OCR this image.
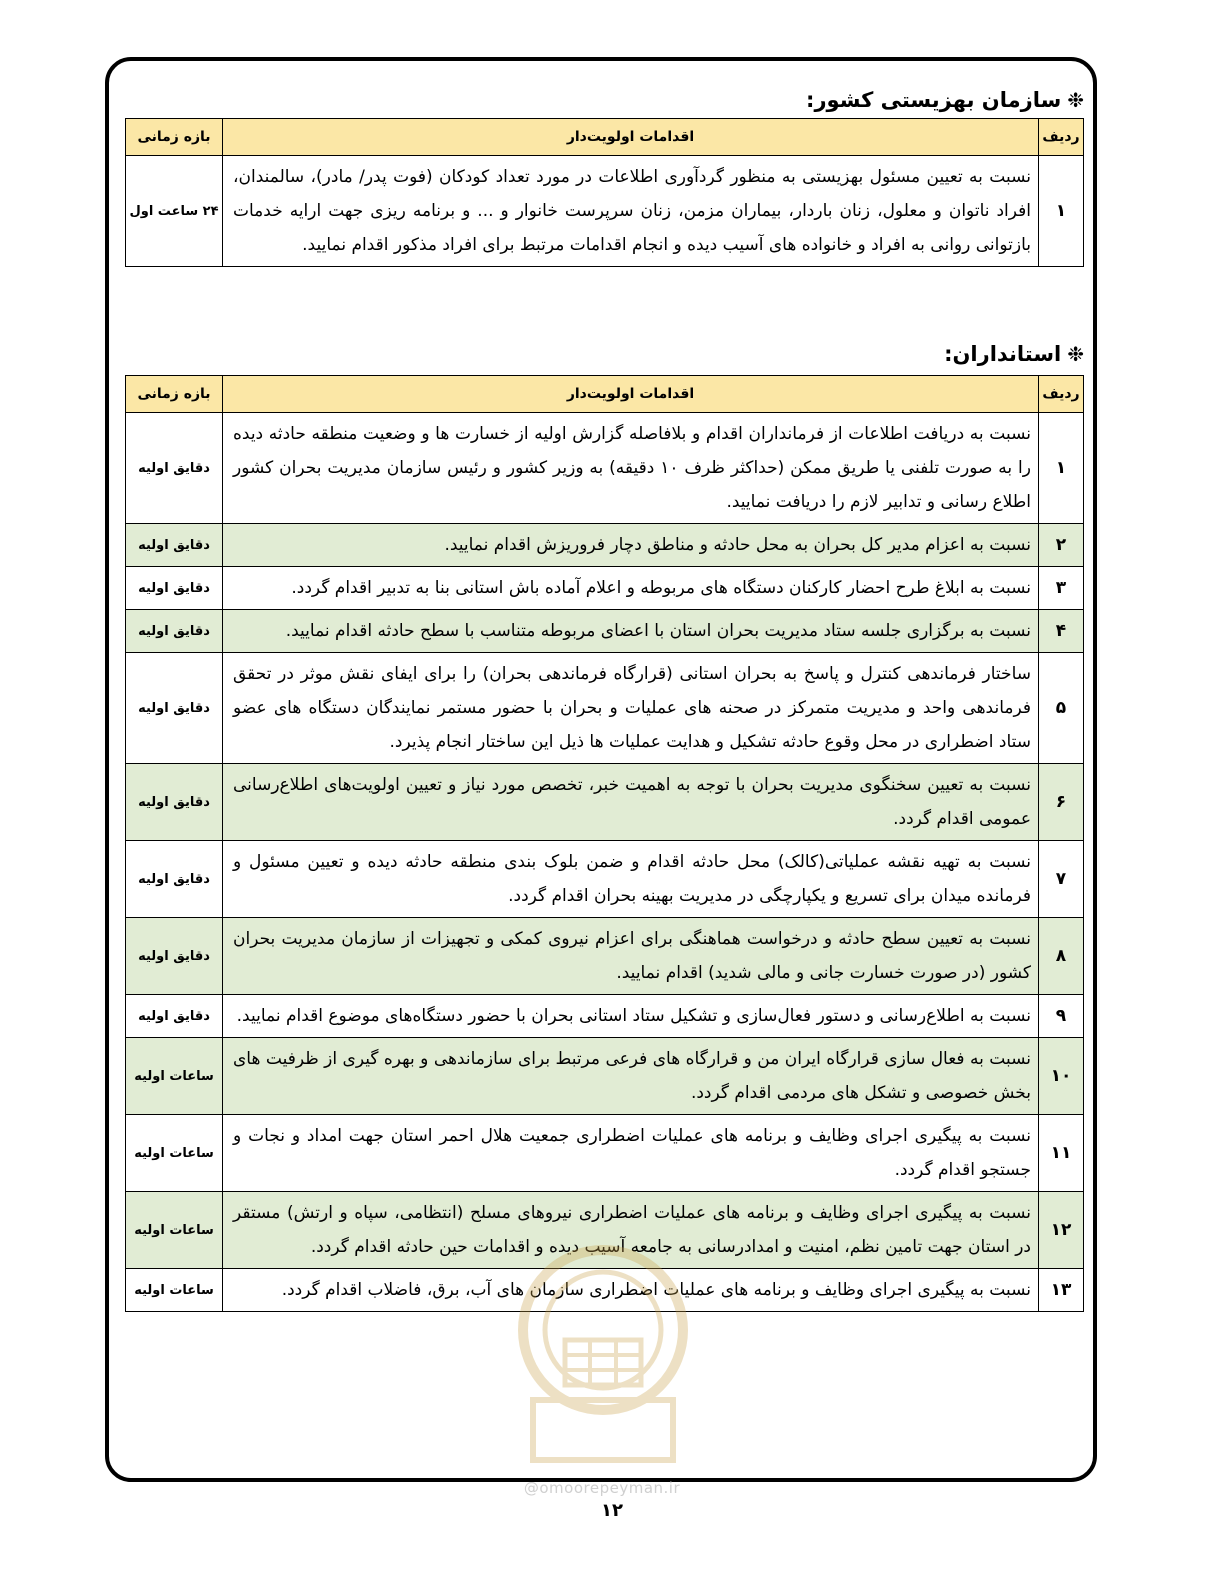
❉سازمان بهزیستی کشور:
ردیف	اقدامات اولویت‌دار	بازه زمانی
۱	نسبت به تعیین مسئول بهزیستی به منظور گردآوری اطلاعات در مورد تعداد کودکان (فوت پدر/ مادر)، سالمندان، افراد ناتوان و معلول، زنان باردار، بیماران مزمن، زنان سرپرست خانوار و ... و برنامه ریزی جهت ارایه خدمات بازتوانی روانی به افراد و خانواده های آسیب دیده و انجام اقدامات مرتبط برای افراد مذکور اقدام نمایید.	۲۴ ساعت اول
❉استانداران:
ردیف	اقدامات اولویت‌دار	بازه زمانی
۱	نسبت به دریافت اطلاعات از فرمانداران اقدام و بلافاصله گزارش اولیه از خسارت ها و وضعیت منطقه حادثه دیده را به صورت تلفنی یا طریق ممکن (حداکثر ظرف ۱۰ دقیقه) به وزیر کشور و رئیس سازمان مدیریت بحران کشور اطلاع رسانی و تدابیر لازم را دریافت نمایید.	دقایق اولیه
۲	نسبت به اعزام مدیر کل بحران به محل حادثه و مناطق دچار فروریزش اقدام نمایید.	دقایق اولیه
۳	نسبت به ابلاغ طرح احضار کارکنان دستگاه های مربوطه و اعلام آماده باش استانی بنا به تدبیر اقدام گردد.	دقایق اولیه
۴	نسبت به برگزاری جلسه ستاد مدیریت بحران استان با اعضای مربوطه متناسب با سطح حادثه اقدام نمایید.	دقایق اولیه
۵	ساختار فرماندهی کنترل و پاسخ به بحران استانی (قرارگاه فرماندهی بحران) را برای ایفای نقش موثر در تحقق فرماندهی واحد و مدیریت متمرکز در صحنه های عملیات و بحران با حضور مستمر نمایندگان دستگاه های عضو ستاد اضطراری در محل وقوع حادثه تشکیل و هدایت عملیات ها ذیل این ساختار انجام پذیرد.	دقایق اولیه
۶	نسبت به تعیین سخنگوی مدیریت بحران با توجه به اهمیت خبر، تخصص مورد نیاز و تعیین اولویت‌های اطلاع‌رسانی عمومی اقدام گردد.	دقایق اولیه
۷	نسبت به تهیه نقشه عملیاتی(کالک) محل حادثه اقدام و ضمن بلوک بندی منطقه حادثه دیده و تعیین مسئول و فرمانده میدان برای تسریع و یکپارچگی در مدیریت بهینه بحران اقدام گردد.	دقایق اولیه
۸	نسبت به تعیین سطح حادثه و درخواست هماهنگی برای اعزام نیروی کمکی و تجهیزات از سازمان مدیریت بحران کشور (در صورت خسارت جانی و مالی شدید) اقدام نمایید.	دقایق اولیه
۹	نسبت به اطلاع‌رسانی و دستور فعال‌سازی و تشکیل ستاد استانی بحران با حضور دستگاه‌های موضوع اقدام نمایید.	دقایق اولیه
۱۰	نسبت به فعال سازی قرارگاه ایران من و قرارگاه های فرعی مرتبط برای سازماندهی و بهره گیری از ظرفیت های بخش خصوصی و تشکل های مردمی اقدام گردد.	ساعات اولیه
۱۱	نسبت به پیگیری اجرای وظایف و برنامه های عملیات اضطراری جمعیت هلال احمر استان جهت امداد و نجات و جستجو اقدام گردد.	ساعات اولیه
۱۲	نسبت به پیگیری اجرای وظایف و برنامه های عملیات اضطراری نیروهای مسلح (انتظامی، سپاه و ارتش) مستقر در استان جهت تامین نظم، امنیت و امدادرسانی به جامعه آسیب دیده و اقدامات حین حادثه اقدام گردد.	ساعات اولیه
۱۳	نسبت به پیگیری اجرای وظایف و برنامه های عملیات اضطراری سازمان های آب، برق، فاضلاب اقدام گردد.	ساعات اولیه
@omoorepeyman.ir
۱۲
